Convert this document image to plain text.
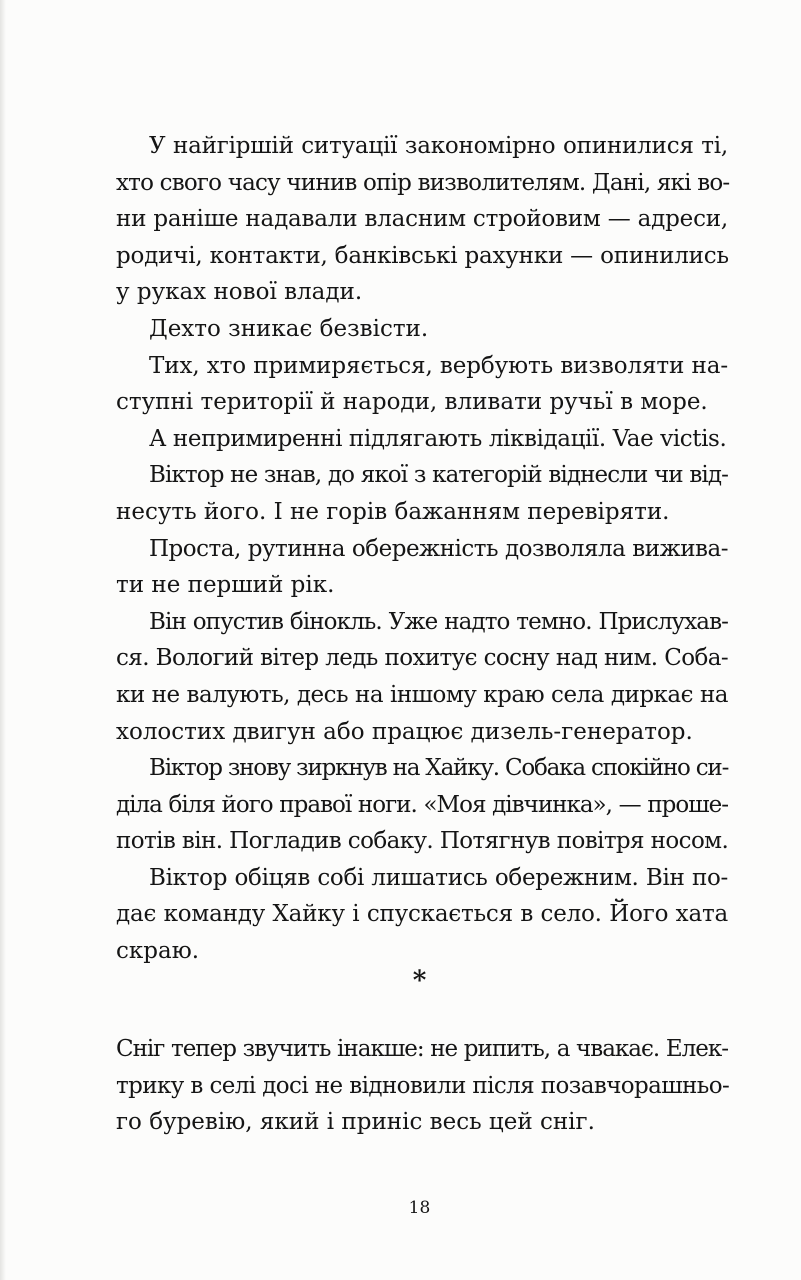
У найгіршій ситуації закономірно опинилися ті,
хто свого часу чинив опір визволителям. Дані, які во-
ни раніше надавали власним стройовим — адреси,
родичі, контакти, банківські рахунки — опинились
у руках нової влади.
Дехто зникає безвісти.
Тих, хто примиряється, вербують визволяти на-
ступні території й народи, вливати ручьї в море.
А непримиренні підлягають ліквідації. Vae victis.
Віктор не знав, до якої з категорій віднесли чи від-
несуть його. І не горів бажанням перевіряти.
Проста, рутинна обережність дозволяла виживa-
ти не перший рік.
Він опустив бінокль. Уже надто темно. Прислухав-
ся. Вологий вітер ледь похитує сосну над ним. Соба-
ки не валують, десь на іншому краю села диркає на
холостих двигун або працює дизель-генератор.
Віктор знову зиркнув на Хайку. Собака спокійно си-
діла біля його правої ноги. «Моя дівчинка», — проше-
потів він. Погладив собаку. Потягнув повітря носом.
Віктор обіцяв собі лишатись обережним. Він по-
дає команду Хайку і спускається в село. Його хата
скраю.
*
Сніг тепер звучить інакше: не рипить, а чвакає. Елек-
трику в селі досі не відновили після позавчорашньо-
го буревію, який і приніс весь цей сніг.
18
